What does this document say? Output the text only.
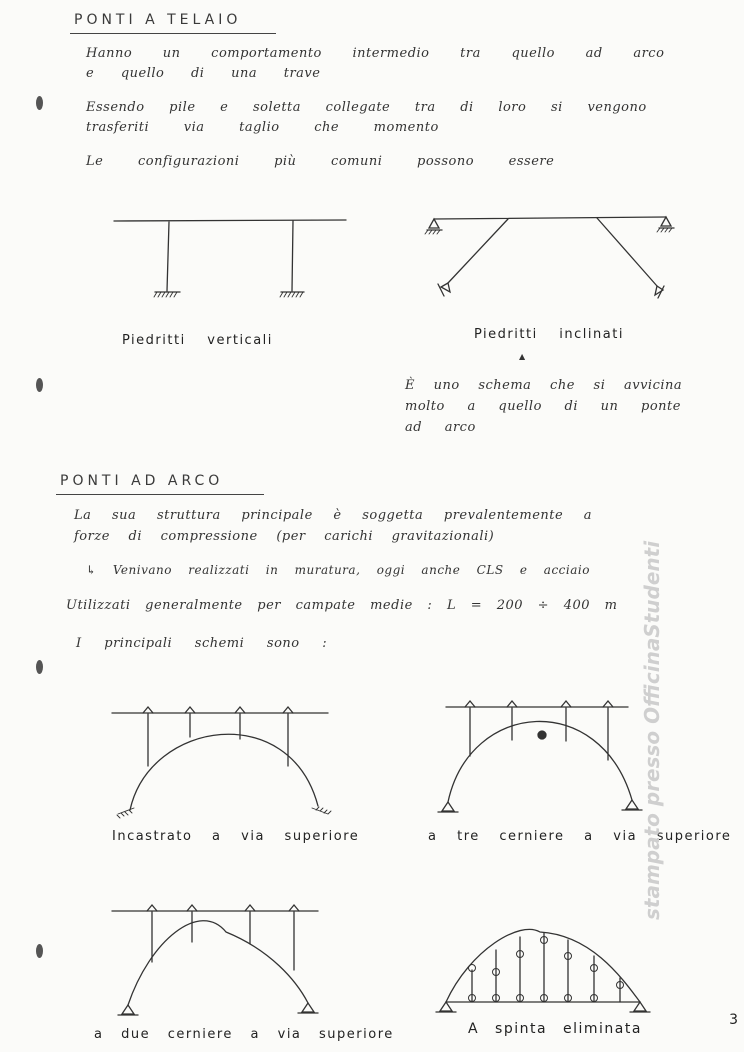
PONTI A TELAIO
Hanno un comportamento intermedio tra quello ad arco
e quello di una trave
Essendo pile e soletta collegate tra di loro si vengono
trasferiti via taglio che momento
Le configurazioni più comuni possono essere
Piedritti verticali	Piedritti inclinati
▲
È uno schema che si avvicina
molto a quello di un ponte
ad arco
PONTI AD ARCO
La sua struttura principale è soggetta prevalentemente a
forze di compressione (per carichi gravitazionali)
↳ Venivano realizzati in muratura, oggi anche CLS e acciaio
Utilizzati generalmente per campate medie : L = 200 ÷ 400 m
I principali schemi sono :
Incastrato a via superiore	a tre cerniere a via superiore
a due cerniere a via superiore	A spinta eliminata
stampato presso OfficinaStudenti
3
